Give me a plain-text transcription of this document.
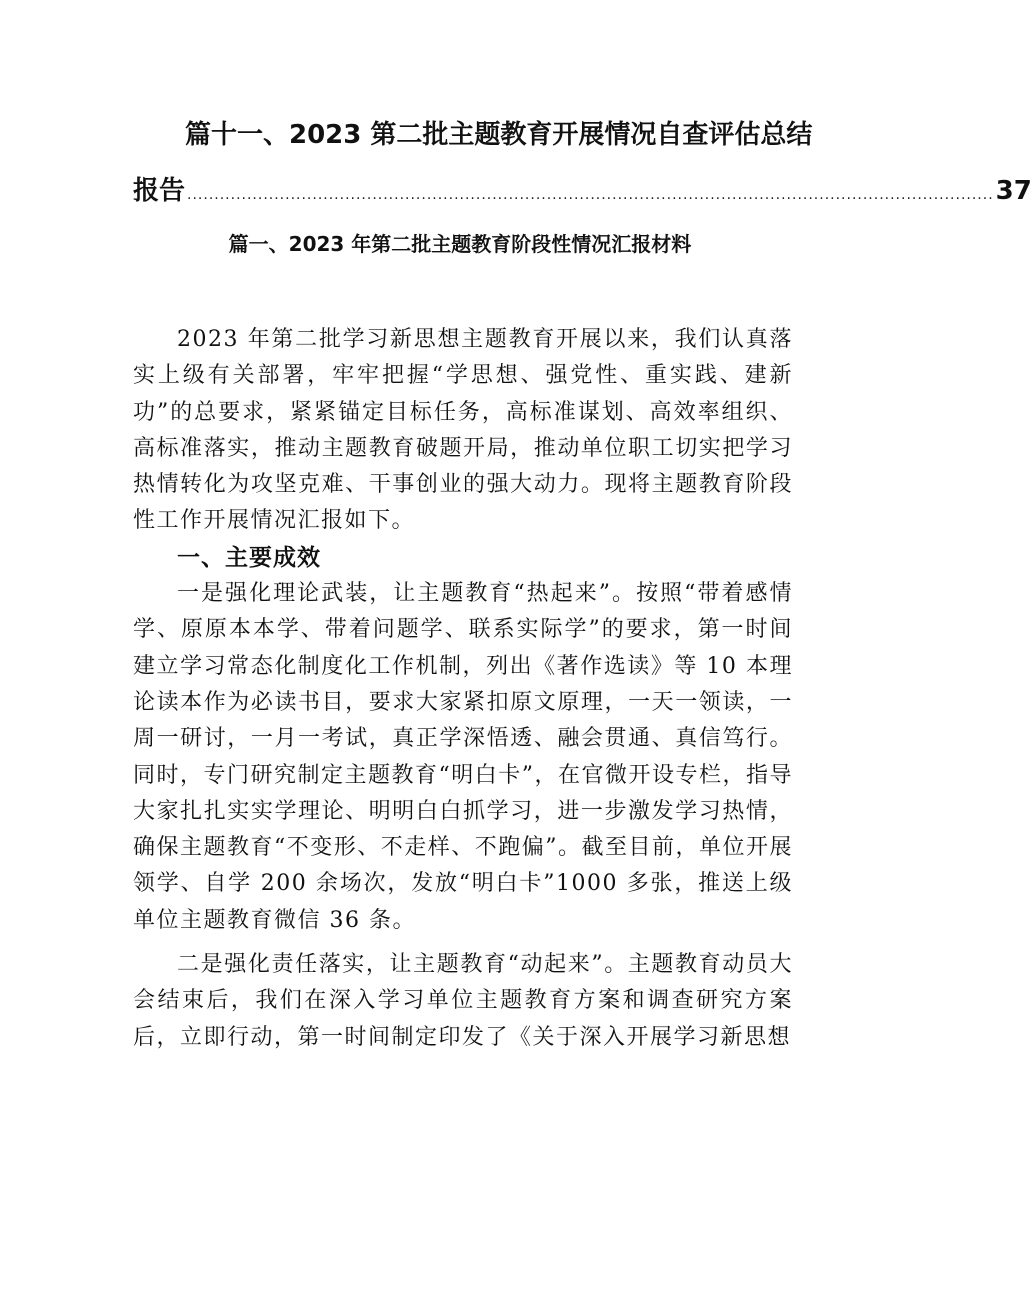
篇十一、2023 第二批主题教育开展情况自查评估总结
报告 .................................................................................................................................................... 37
篇一、2023 年第二批主题教育阶段性情况汇报材料

2023 年第二批学习新思想主题教育开展以来，我们认真落实上级有关部署，牢牢把握“学思想、强党性、重实践、建新功”的总要求，紧紧锚定目标任务，高标准谋划、高效率组织、高标准落实，推动主题教育破题开局，推动单位职工切实把学习热情转化为攻坚克难、干事创业的强大动力。现将主题教育阶段性工作开展情况汇报如下。

一、主要成效

一是强化理论武装，让主题教育“热起来”。按照“带着感情学、原原本本学、带着问题学、联系实际学”的要求，第一时间建立学习常态化制度化工作机制，列出《著作选读》等 10 本理论读本作为必读书目，要求大家紧扣原文原理，一天一领读，一周一研讨，一月一考试，真正学深悟透、融会贯通、真信笃行。同时，专门研究制定主题教育“明白卡”，在官微开设专栏，指导大家扎扎实实学理论、明明白白抓学习，进一步激发学习热情，确保主题教育“不变形、不走样、不跑偏”。截至目前，单位开展领学、自学 200 余场次，发放“明白卡”1000 多张，推送上级单位主题教育微信 36 条。

二是强化责任落实，让主题教育“动起来”。主题教育动员大会结束后，我们在深入学习单位主题教育方案和调查研究方案后，立即行动，第一时间制定印发了《关于深入开展学习新思想
